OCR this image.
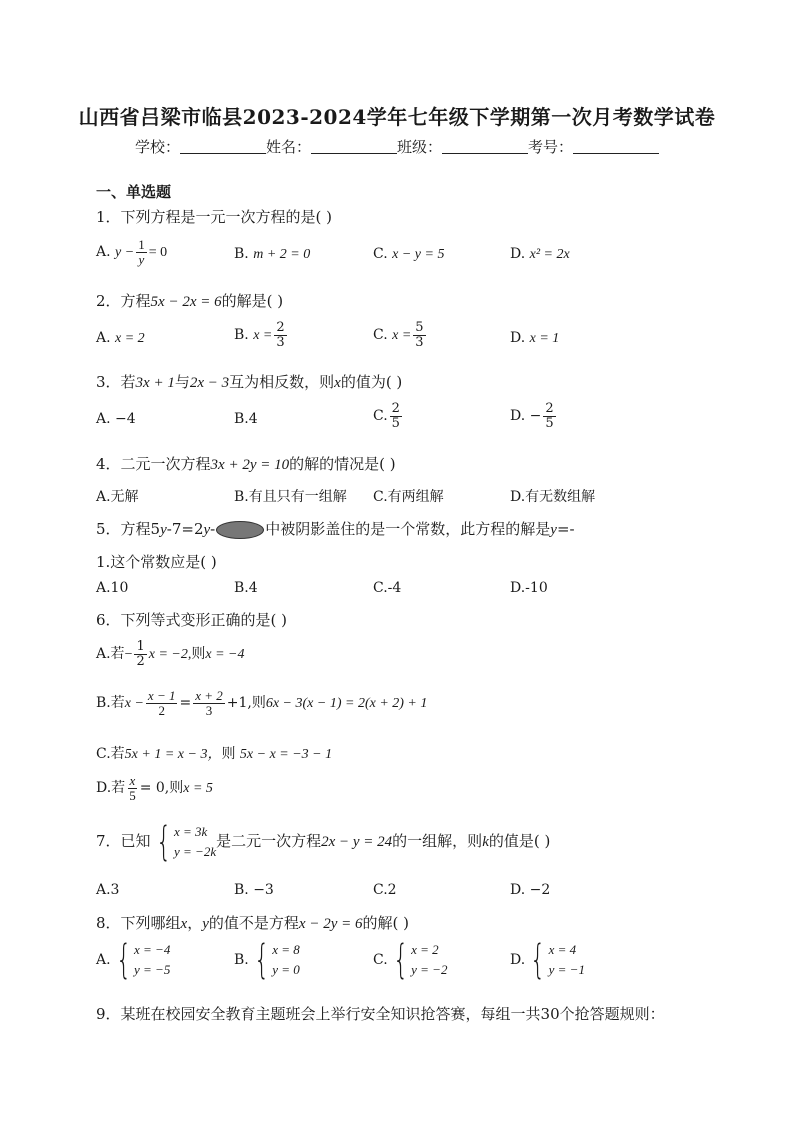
山西省吕梁市临县2023-2024学年七年级下学期第一次月考数学试卷
学校：	姓名：	班级：	考号：
一、单选题
1．下列方程是一元一次方程的是( )
A. $y - \frac{1}{y} = 0$	B. m + 2 = 0	C. x − y = 5	D. x² = 2x
2．方程5x − 2x = 6的解是( )
A. x = 2	B. $x = \frac{2}{3}$	C. $x = \frac{5}{3}$	D. x = 1
3．若3x + 1与2x − 3互为相反数，则x的值为( )
A. −4	B.4	C. $\frac{2}{5}$	D. − $\frac{2}{5}$
4．二元一次方程3x + 2y = 10的解的情况是( )
A.无解	B.有且只有一组解 C.有两组解	D.有无数组解
5．方程5y-7=2y-	中被阴影盖住的是一个常数，此方程的解是y=-
1.这个常数应是( )
A.10	B.4	C.-4	D.-10
6．下列等式变形正确的是( )
A.若− $\frac{1}{2}$ x = −2,则x = −4
B.若$x - \frac{x - 1}{2} = \frac{x + 2}{3} +1$,则6x − 3(x − 1) = 2(x + 2) + 1
C.若5x + 1 = x − 3，则 5x − x = −3 − 1
D.若 $\frac{x}{5} = 0$,则x = 5
7．已知 { x = 3k
y = −2k
是二元一次方程2x − y = 24的一组解，则k的值是( )
A.3	B. −3	C.2	D. −2
8．下列哪组x，y的值不是方程x − 2y = 6的解( )
A. { x = −4
y = −5
B. { x = 8
y = 0
C. { x = 2
y = −2
D. { x = 4
y = −1
9．某班在校园安全教育主题班会上举行安全知识抢答赛，每组一共30个抢答题规则：
